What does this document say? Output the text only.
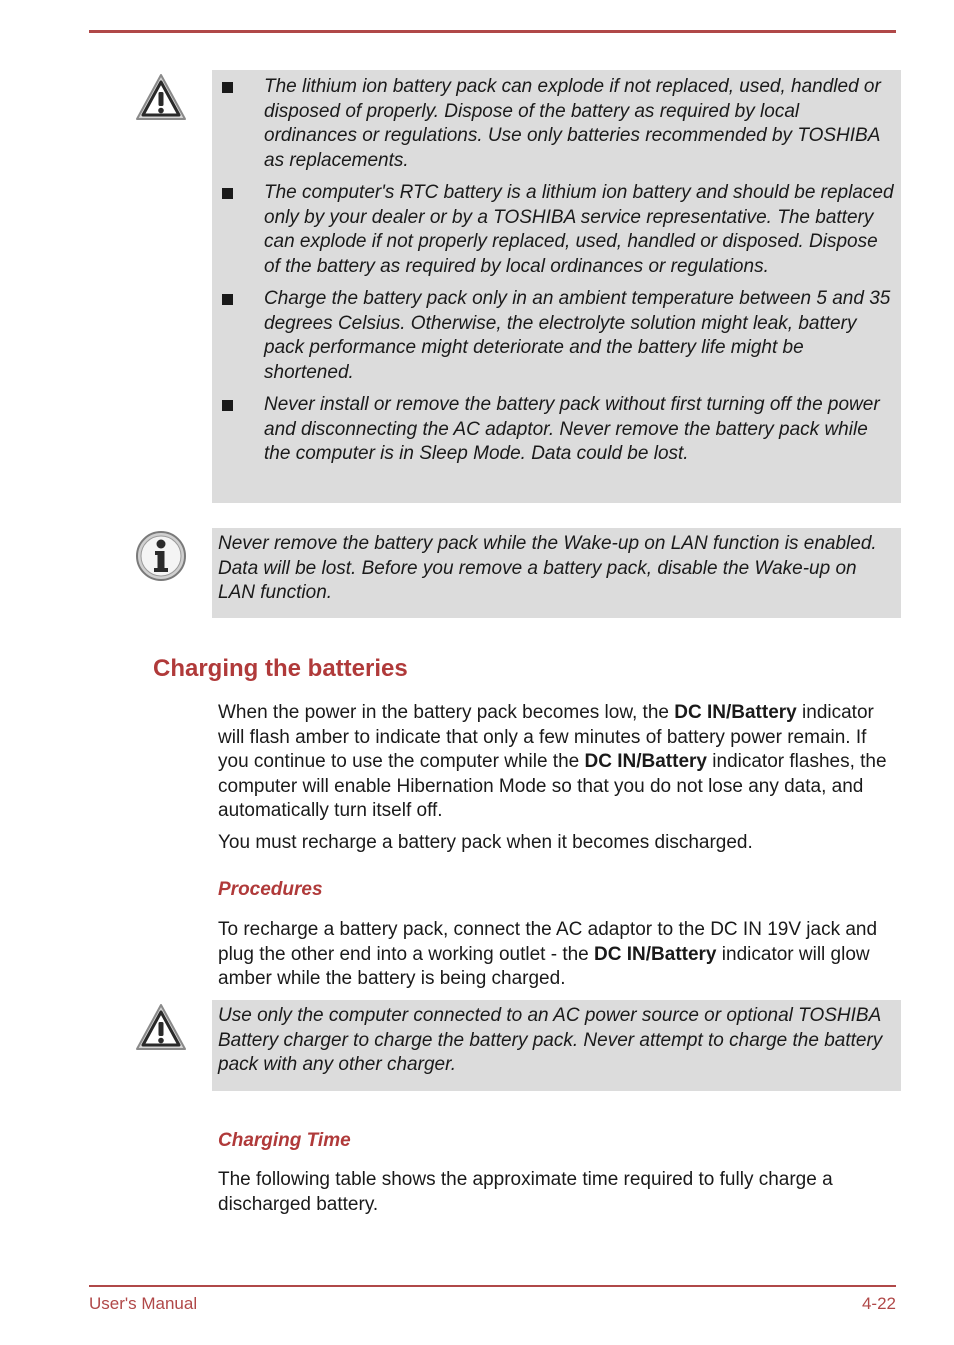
The lithium ion battery pack can explode if not replaced, used, handled or disposed of properly. Dispose of the battery as required by local ordinances or regulations. Use only batteries recommended by TOSHIBA as replacements.
The computer's RTC battery is a lithium ion battery and should be replaced only by your dealer or by a TOSHIBA service representative. The battery can explode if not properly replaced, used, handled or disposed. Dispose of the battery as required by local ordinances or regulations.
Charge the battery pack only in an ambient temperature between 5 and 35 degrees Celsius. Otherwise, the electrolyte solution might leak, battery pack performance might deteriorate and the battery life might be shortened.
Never install or remove the battery pack without first turning off the power and disconnecting the AC adaptor. Never remove the battery pack while the computer is in Sleep Mode. Data could be lost.

Never remove the battery pack while the Wake-up on LAN function is enabled. Data will be lost. Before you remove a battery pack, disable the Wake-up on LAN function.

Charging the batteries

When the power in the battery pack becomes low, the DC IN/Battery indicator will flash amber to indicate that only a few minutes of battery power remain. If you continue to use the computer while the DC IN/Battery indicator flashes, the computer will enable Hibernation Mode so that you do not lose any data, and automatically turn itself off.

You must recharge a battery pack when it becomes discharged.

Procedures

To recharge a battery pack, connect the AC adaptor to the DC IN 19V jack and plug the other end into a working outlet - the DC IN/Battery indicator will glow amber while the battery is being charged.

Use only the computer connected to an AC power source or optional TOSHIBA Battery charger to charge the battery pack. Never attempt to charge the battery pack with any other charger.

Charging Time

The following table shows the approximate time required to fully charge a discharged battery.

User's Manual	4-22
